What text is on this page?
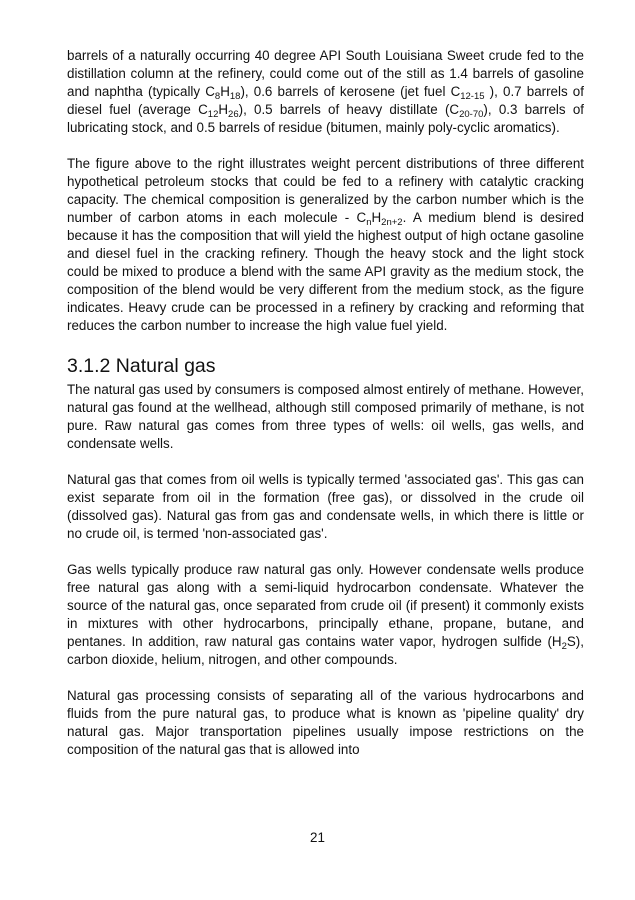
barrels of a naturally occurring 40 degree API South Louisiana Sweet crude fed to the distillation column at the refinery, could come out of the still as 1.4 barrels of gasoline and naphtha (typically $C_8H_{18}$), 0.6 barrels of kerosene (jet fuel $C_{12-15}$ ), 0.7 barrels of diesel fuel (average $C_{12}H_{26}$), 0.5 barrels of heavy distillate $(C_{20-70})$, 0.3 barrels of lubricating stock, and 0.5 barrels of residue (bitumen, mainly poly-cyclic aromatics).

The figure above to the right illustrates weight percent distributions of three different hypothetical petroleum stocks that could be fed to a refinery with catalytic cracking capacity. The chemical composition is generalized by the carbon number which is the number of carbon atoms in each molecule - $C_nH_{2n+2}$. A medium blend is desired because it has the composition that will yield the highest output of high octane gasoline and diesel fuel in the cracking refinery. Though the heavy stock and the light stock could be mixed to produce a blend with the same API gravity as the medium stock, the composition of the blend would be very different from the medium stock, as the figure indicates. Heavy crude can be processed in a refinery by cracking and reforming that reduces the carbon number to increase the high value fuel yield.

3.1.2 Natural gas

The natural gas used by consumers is composed almost entirely of methane. However, natural gas found at the wellhead, although still composed primarily of methane, is not pure. Raw natural gas comes from three types of wells: oil wells, gas wells, and condensate wells.

Natural gas that comes from oil wells is typically termed 'associated gas'. This gas can exist separate from oil in the formation (free gas), or dissolved in the crude oil (dissolved gas). Natural gas from gas and condensate wells, in which there is little or no crude oil, is termed 'non-associated gas'.

Gas wells typically produce raw natural gas only. However condensate wells produce free natural gas along with a semi-liquid hydrocarbon condensate. Whatever the source of the natural gas, once separated from crude oil (if present) it commonly exists in mixtures with other hydrocarbons, principally ethane, propane, butane, and pentanes. In addition, raw natural gas contains water vapor, hydrogen sulfide $(H_2S)$, carbon dioxide, helium, nitrogen, and other compounds.

Natural gas processing consists of separating all of the various hydrocarbons and fluids from the pure natural gas, to produce what is known as 'pipeline quality' dry natural gas. Major transportation pipelines usually impose restrictions on the composition of the natural gas that is allowed into

21
